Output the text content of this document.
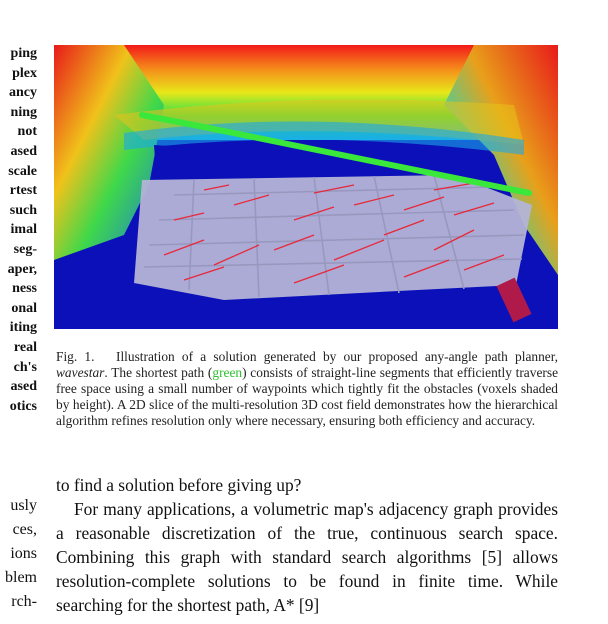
ping
plex
ancy
ning
not
ased
scale
rtest
such
imal
seg-
aper,
ness
onal
iting
real
ch's
ased
otics
usly
ces,
ions
blem
rch-
Fig. 1. Illustration of a solution generated by our proposed any-angle path planner, wavestar. The shortest path (green) consists of straight-line segments that efficiently traverse free space using a small number of waypoints which tightly fit the obstacles (voxels shaded by height). A 2D slice of the multi-resolution 3D cost field demonstrates how the hierarchical algorithm refines resolution only where necessary, ensuring both efficiency and accuracy.

to find a solution before giving up?

For many applications, a volumetric map's adjacency graph provides a reasonable discretization of the true, continuous search space. Combining this graph with standard search algorithms [5] allows resolution-complete solutions to be found in finite time. While searching for the shortest path, A* [9]
